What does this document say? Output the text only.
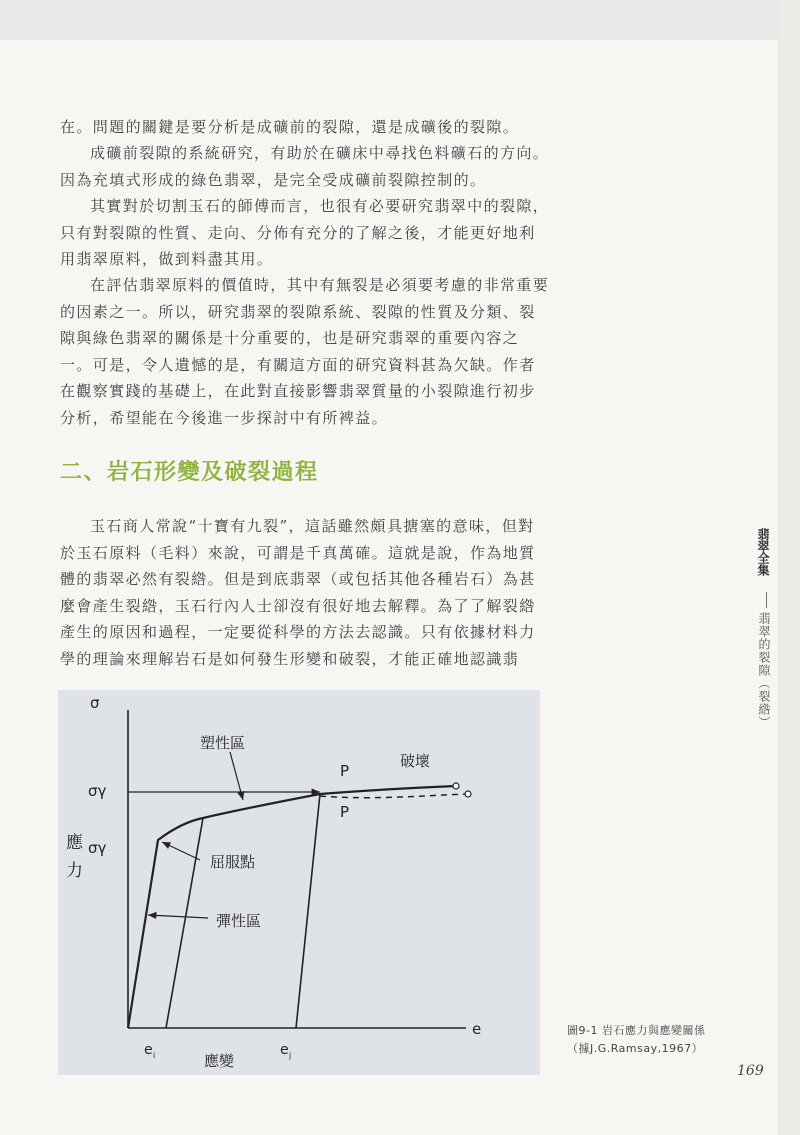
在。問題的關鍵是要分析是成礦前的裂隙，還是成礦後的裂隙。

成礦前裂隙的系統研究，有助於在礦床中尋找色料礦石的方向。因為充填式形成的綠色翡翠，是完全受成礦前裂隙控制的。

其實對於切割玉石的師傅而言，也很有必要研究翡翠中的裂隙，只有對裂隙的性質、走向、分佈有充分的了解之後，才能更好地利用翡翠原料，做到料盡其用。

在評估翡翠原料的價值時，其中有無裂是必須要考慮的非常重要的因素之一。所以，研究翡翠的裂隙系統、裂隙的性質及分類、裂隙與綠色翡翠的關係是十分重要的，也是研究翡翠的重要內容之一。可是，令人遺憾的是，有關這方面的研究資料甚為欠缺。作者在觀察實踐的基礎上，在此對直接影響翡翠質量的小裂隙進行初步分析，希望能在今後進一步探討中有所裨益。

二、岩石形變及破裂過程

玉石商人常說“十寶有九裂”，這話雖然頗具搪塞的意味，但對於玉石原料（毛料）來說，可謂是千真萬確。這就是說，作為地質體的翡翠必然有裂綹。但是到底翡翠（或包括其他各種岩石）為甚麼會產生裂綹，玉石行內人士卻沒有很好地去解釋。為了了解裂綹產生的原因和過程，一定要從科學的方法去認識。只有依據材料力學的理論來理解岩石是如何發生形變和破裂，才能正確地認識翡

翡翠全集
翡翠的裂隙（裂綹）
σ
e
σγ
σγ
應
力
應變
e i	e j
塑性區
屈服點
彈性區
破壞
P
P
圖9-1 岩石應力與應變關係
（據J.G.Ramsay,1967）
169
